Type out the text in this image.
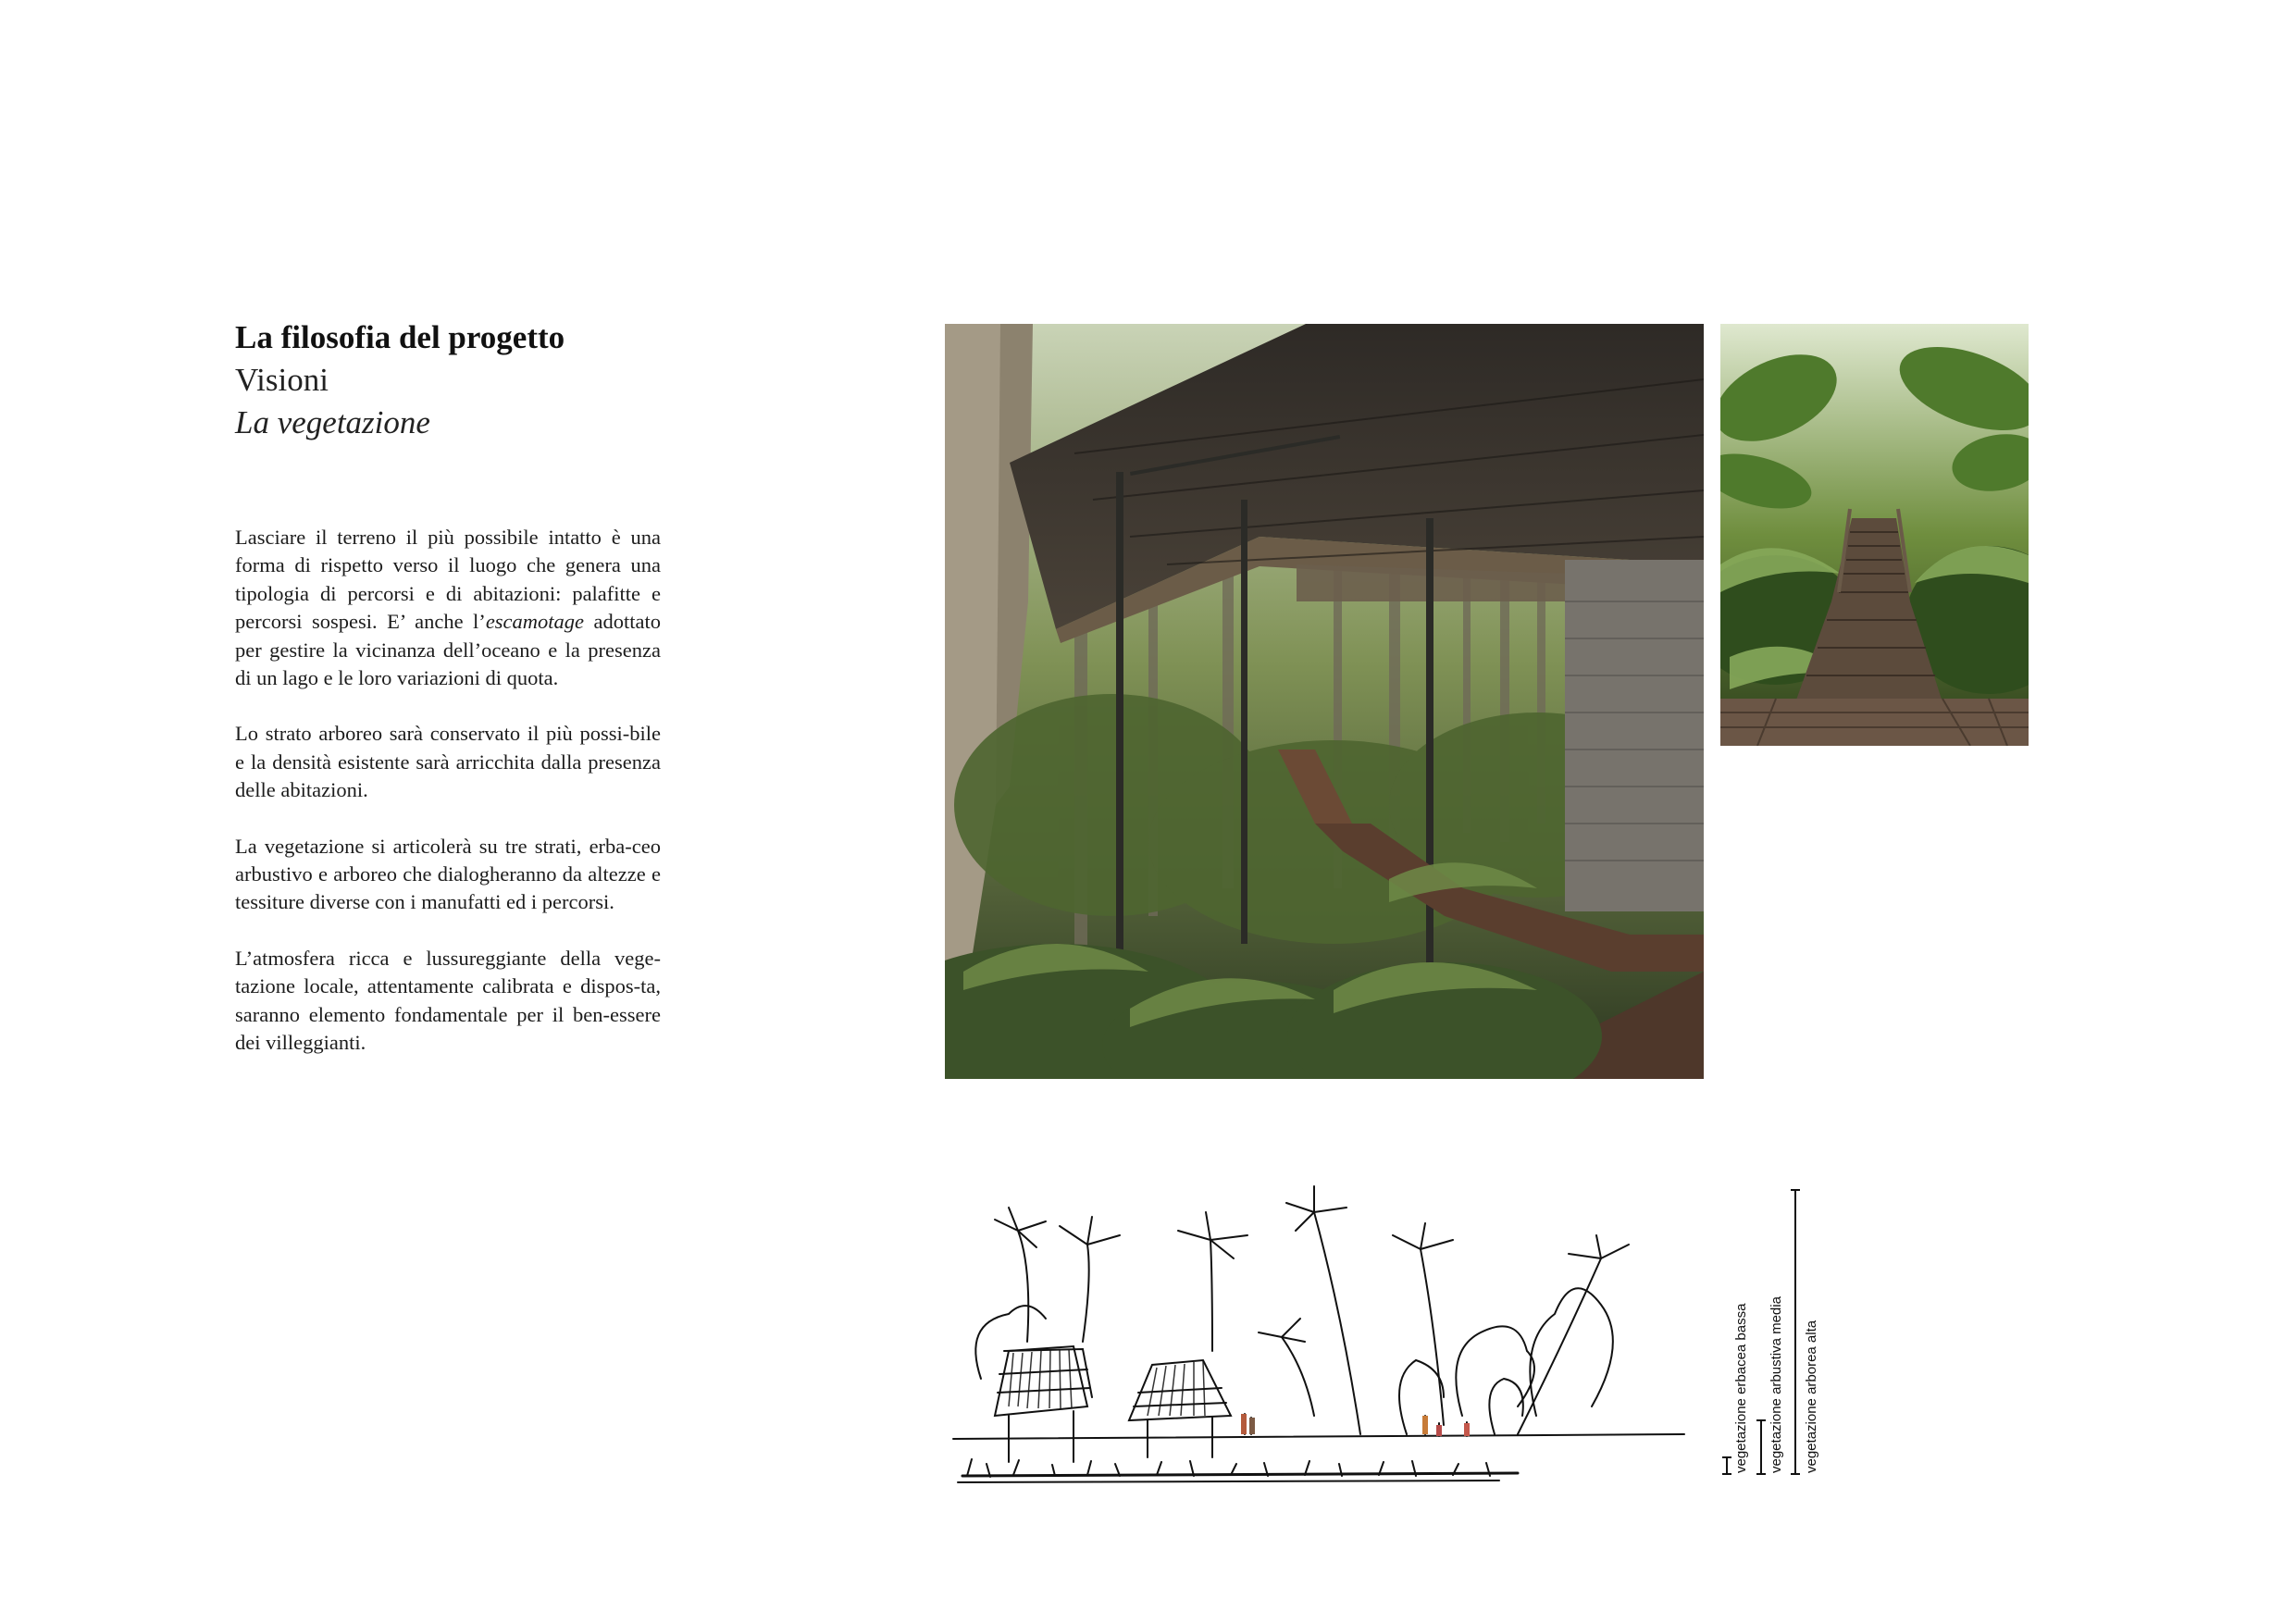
La filosofia del progetto
Visioni
La vegetazione

Lasciare il terreno il più possibile intatto è una forma di rispetto verso il luogo che genera una tipologia di percorsi e di abitazioni: palafitte e percorsi sospesi. E’ anche l’escamotage adottato per gestire la vicinanza dell’oceano e la presenza di un lago e le loro variazioni di quota.

Lo strato arboreo sarà conservato il più possi-bile e la densità esistente sarà arricchita dalla presenza delle abitazioni.

La vegetazione si articolerà su tre strati, erba-ceo arbustivo e arboreo che dialogheranno da altezze e tessiture diverse con i manufatti ed i percorsi.

L’atmosfera ricca e lussureggiante della vege-tazione locale, attentamente calibrata e dispos-ta, saranno elemento fondamentale per il ben-essere dei villeggianti.

vegetazione erbacea bassa vegetazione arbustiva media vegetazione arborea alta
